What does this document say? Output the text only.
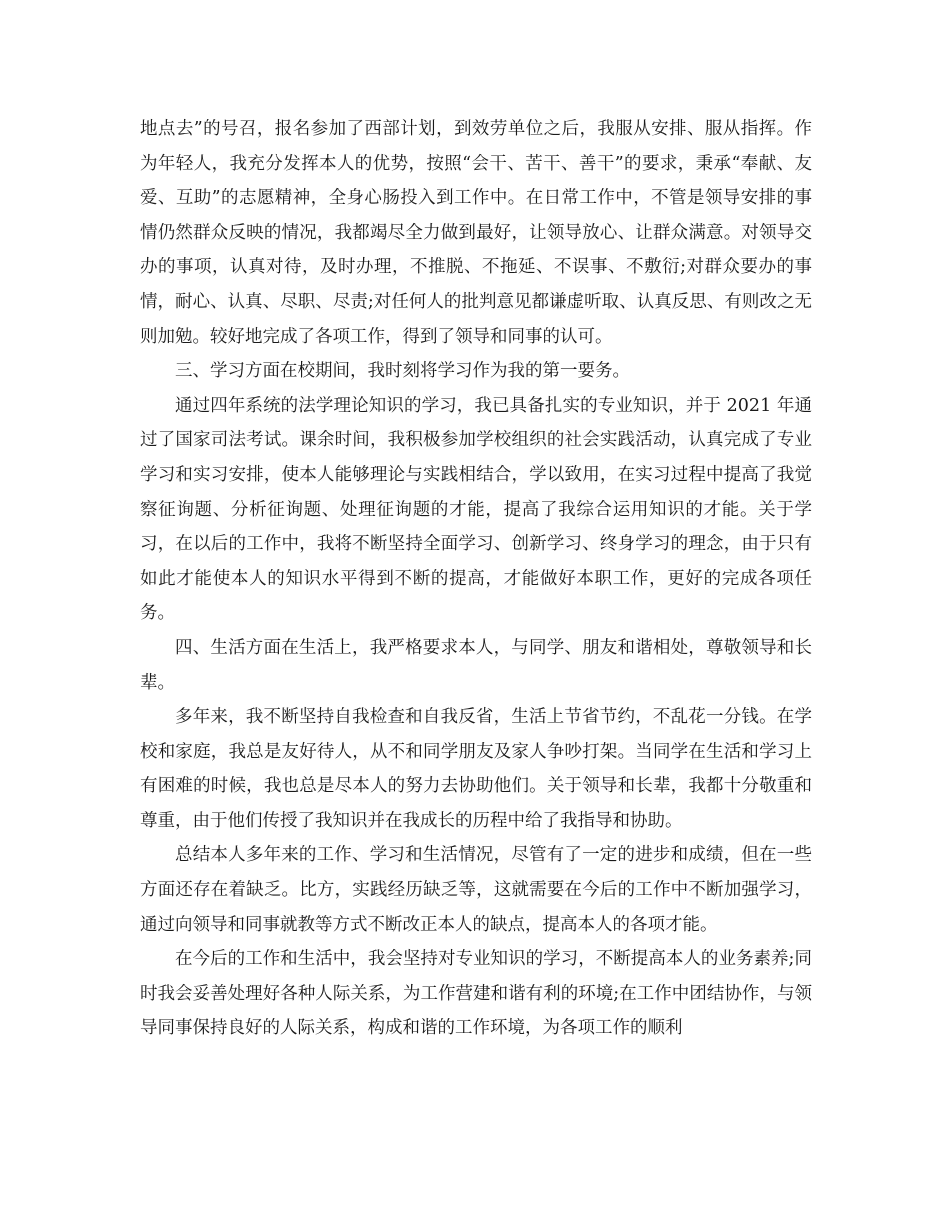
地点去”的号召，报名参加了西部计划，到效劳单位之后，我服从安排、服从指挥。作为年轻人，我充分发挥本人的优势，按照“会干、苦干、善干”的要求，秉承“奉献、友爱、互助”的志愿精神，全身心肠投入到工作中。在日常工作中，不管是领导安排的事情仍然群众反映的情况，我都竭尽全力做到最好，让领导放心、让群众满意。对领导交办的事项，认真对待，及时办理，不推脱、不拖延、不误事、不敷衍;对群众要办的事情，耐心、认真、尽职、尽责;对任何人的批判意见都谦虚听取、认真反思、有则改之无则加勉。较好地完成了各项工作，得到了领导和同事的认可。

三、学习方面在校期间，我时刻将学习作为我的第一要务。

通过四年系统的法学理论知识的学习，我已具备扎实的专业知识，并于 2021 年通过了国家司法考试。课余时间，我积极参加学校组织的社会实践活动，认真完成了专业学习和实习安排，使本人能够理论与实践相结合，学以致用，在实习过程中提高了我觉察征询题、分析征询题、处理征询题的才能，提高了我综合运用知识的才能。关于学习，在以后的工作中，我将不断坚持全面学习、创新学习、终身学习的理念，由于只有如此才能使本人的知识水平得到不断的提高，才能做好本职工作，更好的完成各项任务。

四、生活方面在生活上，我严格要求本人，与同学、朋友和谐相处，尊敬领导和长辈。

多年来，我不断坚持自我检查和自我反省，生活上节省节约，不乱花一分钱。在学校和家庭，我总是友好待人，从不和同学朋友及家人争吵打架。当同学在生活和学习上有困难的时候，我也总是尽本人的努力去协助他们。关于领导和长辈，我都十分敬重和尊重，由于他们传授了我知识并在我成长的历程中给了我指导和协助。

总结本人多年来的工作、学习和生活情况，尽管有了一定的进步和成绩，但在一些方面还存在着缺乏。比方，实践经历缺乏等，这就需要在今后的工作中不断加强学习，通过向领导和同事就教等方式不断改正本人的缺点，提高本人的各项才能。

在今后的工作和生活中，我会坚持对专业知识的学习，不断提高本人的业务素养;同时我会妥善处理好各种人际关系，为工作营建和谐有利的环境;在工作中团结协作，与领导同事保持良好的人际关系，构成和谐的工作环境，为各项工作的顺利
